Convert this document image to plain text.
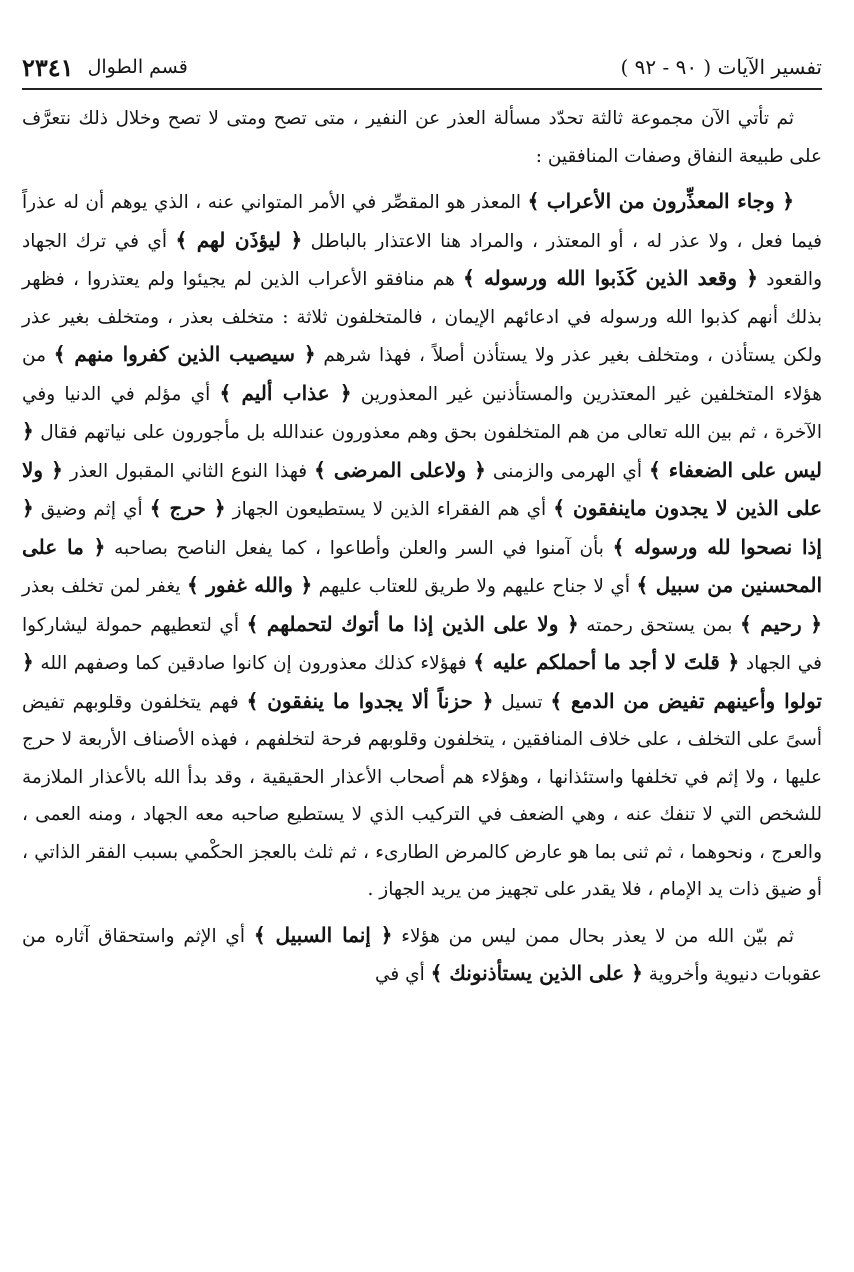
تفسير الآيات ( ٩٠ - ٩٢ )
قسم الطوال
٢٣٤١

ثم تأتي الآن مجموعة ثالثة تحدّد مسألة العذر عن النفير ، متى تصح ومتى لا تصح وخلال ذلك نتعرَّف على طبيعة النفاق وصفات المنافقين :

﴿ وجاء المعذِّرون من الأعراب ﴾ المعذر هو المقصِّر في الأمر المتواني عنه ، الذي يوهم أن له عذراً فيما فعل ، ولا عذر له ، أو المعتذر ، والمراد هنا الاعتذار بالباطل ﴿ ليؤذَن لهم ﴾ أي في ترك الجهاد والقعود ﴿ وقعد الذين كَذَبوا الله ورسوله ﴾ هم منافقو الأعراب الذين لم يجيئوا ولم يعتذروا ، فظهر بذلك أنهم كذبوا الله ورسوله في ادعائهم الإيمان ، فالمتخلفون ثلاثة : متخلف بعذر ، ومتخلف بغير عذر ولكن يستأذن ، ومتخلف بغير عذر ولا يستأذن أصلاً ، فهذا شرهم ﴿ سيصيب الذين كفروا منهم ﴾ من هؤلاء المتخلفين غير المعتذرين والمستأذنين غير المعذورين ﴿ عذاب أليم ﴾ أي مؤلم في الدنيا وفي الآخرة ، ثم بين الله تعالى من هم المتخلفون بحق وهم معذورون عندالله بل مأجورون على نياتهم فقال ﴿ ليس على الضعفاء ﴾ أي الهرمى والزمنى ﴿ ولاعلى المرضى ﴾ فهذا النوع الثاني المقبول العذر ﴿ ولا على الذين لا يجدون ماينفقون ﴾ أي هم الفقراء الذين لا يستطيعون الجهاز ﴿ حرج ﴾ أي إثم وضيق ﴿ إذا نصحوا لله ورسوله ﴾ بأن آمنوا في السر والعلن وأطاعوا ، كما يفعل الناصح بصاحبه ﴿ ما على المحسنين من سبيل ﴾ أي لا جناح عليهم ولا طريق للعتاب عليهم ﴿ والله غفور ﴾ يغفر لمن تخلف بعذر ﴿ رحيم ﴾ بمن يستحق رحمته ﴿ ولا على الذين إذا ما أتوك لتحملهم ﴾ أي لتعطيهم حمولة ليشاركوا في الجهاد ﴿ قلتَ لا أجد ما أحملكم عليه ﴾ فهؤلاء كذلك معذورون إن كانوا صادقين كما وصفهم الله ﴿ تولوا وأعينهم تفيض من الدمع ﴾ تسيل ﴿ حزناً ألا يجدوا ما ينفقون ﴾ فهم يتخلفون وقلوبهم تفيض أسىً على التخلف ، على خلاف المنافقين ، يتخلفون وقلوبهم فرحة لتخلفهم ، فهذه الأصناف الأربعة لا حرج عليها ، ولا إثم في تخلفها واستئذانها ، وهؤلاء هم أصحاب الأعذار الحقيقية ، وقد بدأ الله بالأعذار الملازمة للشخص التي لا تنفك عنه ، وهي الضعف في التركيب الذي لا يستطيع صاحبه معه الجهاد ، ومنه العمى ، والعرج ، ونحوهما ، ثم ثنى بما هو عارض كالمرض الطارىء ، ثم ثلث بالعجز الحكْمي بسبب الفقر الذاتي ، أو ضيق ذات يد الإمام ، فلا يقدر على تجهيز من يريد الجهاز .

ثم بيّن الله من لا يعذر بحال ممن ليس من هؤلاء ﴿ إنما السبيل ﴾ أي الإثم واستحقاق آثاره من عقوبات دنيوية وأخروية ﴿ على الذين يستأذنونك ﴾ أي في
